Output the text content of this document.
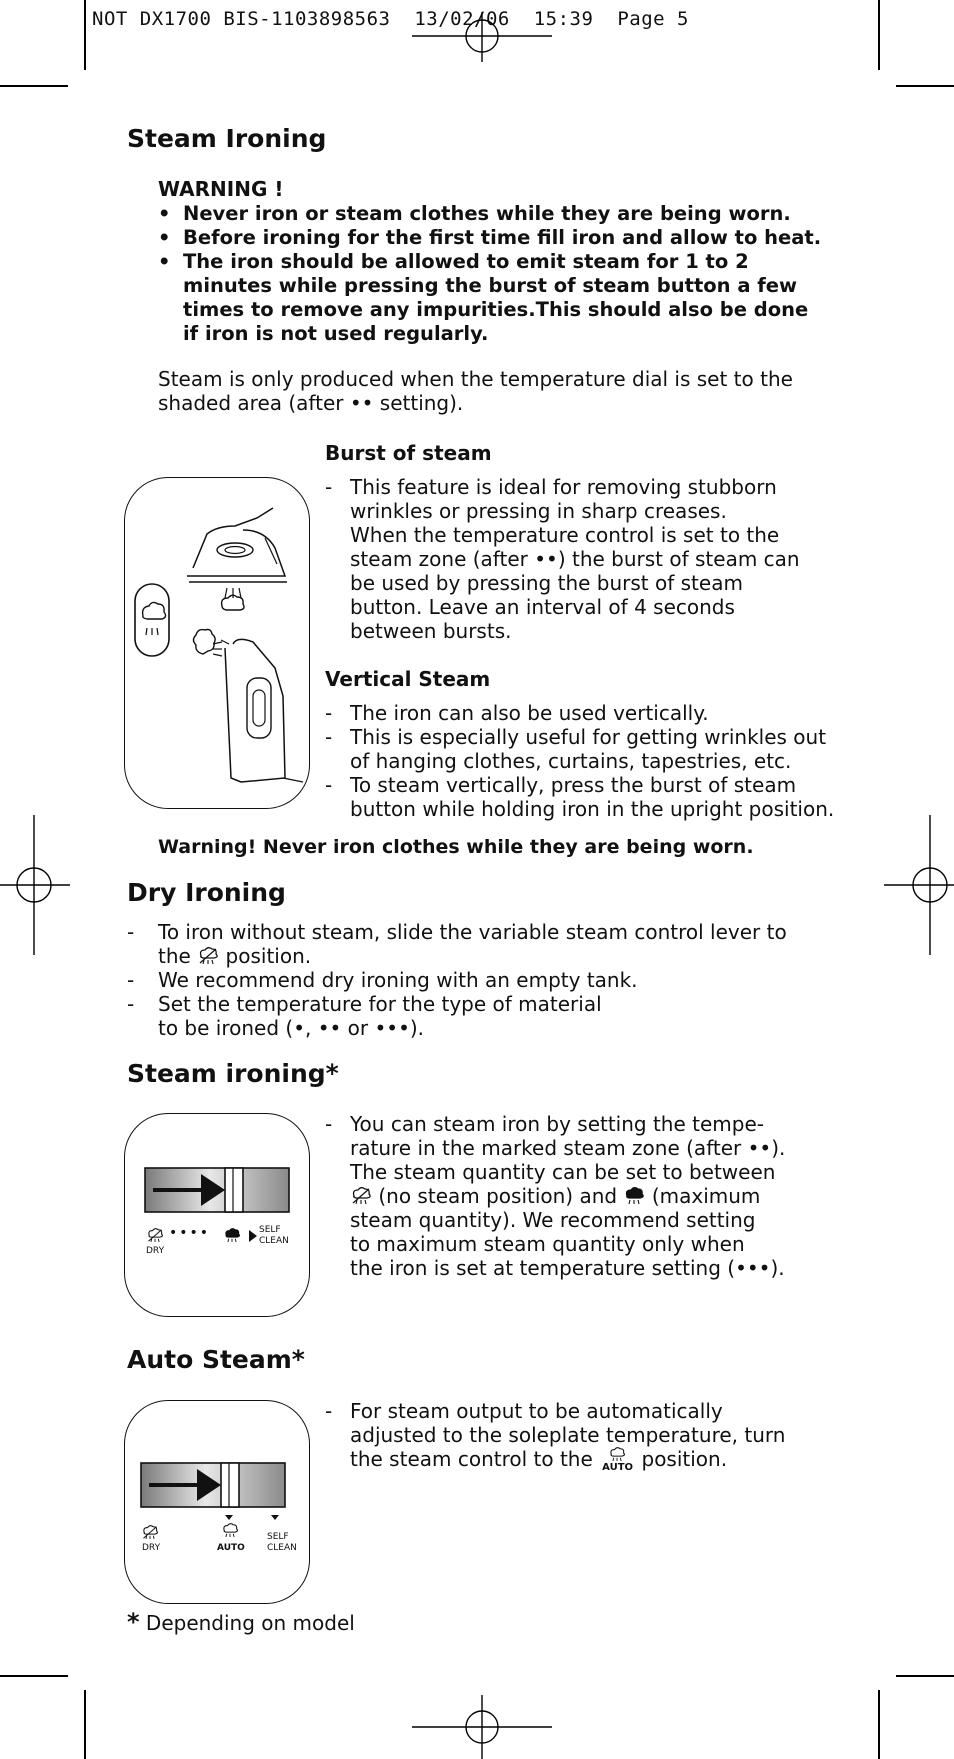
NOT DX1700 BIS-1103898563  13/02/06  15:39  Page 5
Steam Ironing
WARNING !
• Never iron or steam clothes while they are being worn.
• Before ironing for the first time fill iron and allow to heat.
• The iron should be allowed to emit steam for 1 to 2 minutes while pressing the burst of steam button a few times to remove any impurities.This should also be done if iron is not used regularly.
Steam is only produced when the temperature dial is set to the
shaded area (after •• setting).
Burst of steam
- This feature is ideal for removing stubborn
wrinkles or pressing in sharp creases.
When the temperature control is set to the
steam zone (after ••) the burst of steam can
be used by pressing the burst of steam
button. Leave an interval of 4 seconds
between bursts.
Vertical Steam
- The iron can also be used vertically.
- This is especially useful for getting wrinkles out of hanging clothes, curtains, tapestries, etc.
- To steam vertically, press the burst of steam button while holding iron in the upright position.
Warning! Never iron clothes while they are being worn.
Dry Ironing
- To iron without steam, slide the variable steam control lever to
the  position.
- We recommend dry ironing with an empty tank.
- Set the temperature for the type of material
to be ironed (•, •• or •••).
Steam ironing*
DRY
••••	SELF
CLEAN
- You can steam iron by setting the tempe-
rature in the marked steam zone (after ••).
The steam quantity can be set to between
(no steam position) and  (maximum
steam quantity). We recommend setting
to maximum steam quantity only when
the iron is set at temperature setting (•••).
Auto Steam*
DRY	AUTO
SELF
CLEAN
- For steam output to be automatically
adjusted to the soleplate temperature, turn
the steam control to the AUTO position.
* Depending on model
